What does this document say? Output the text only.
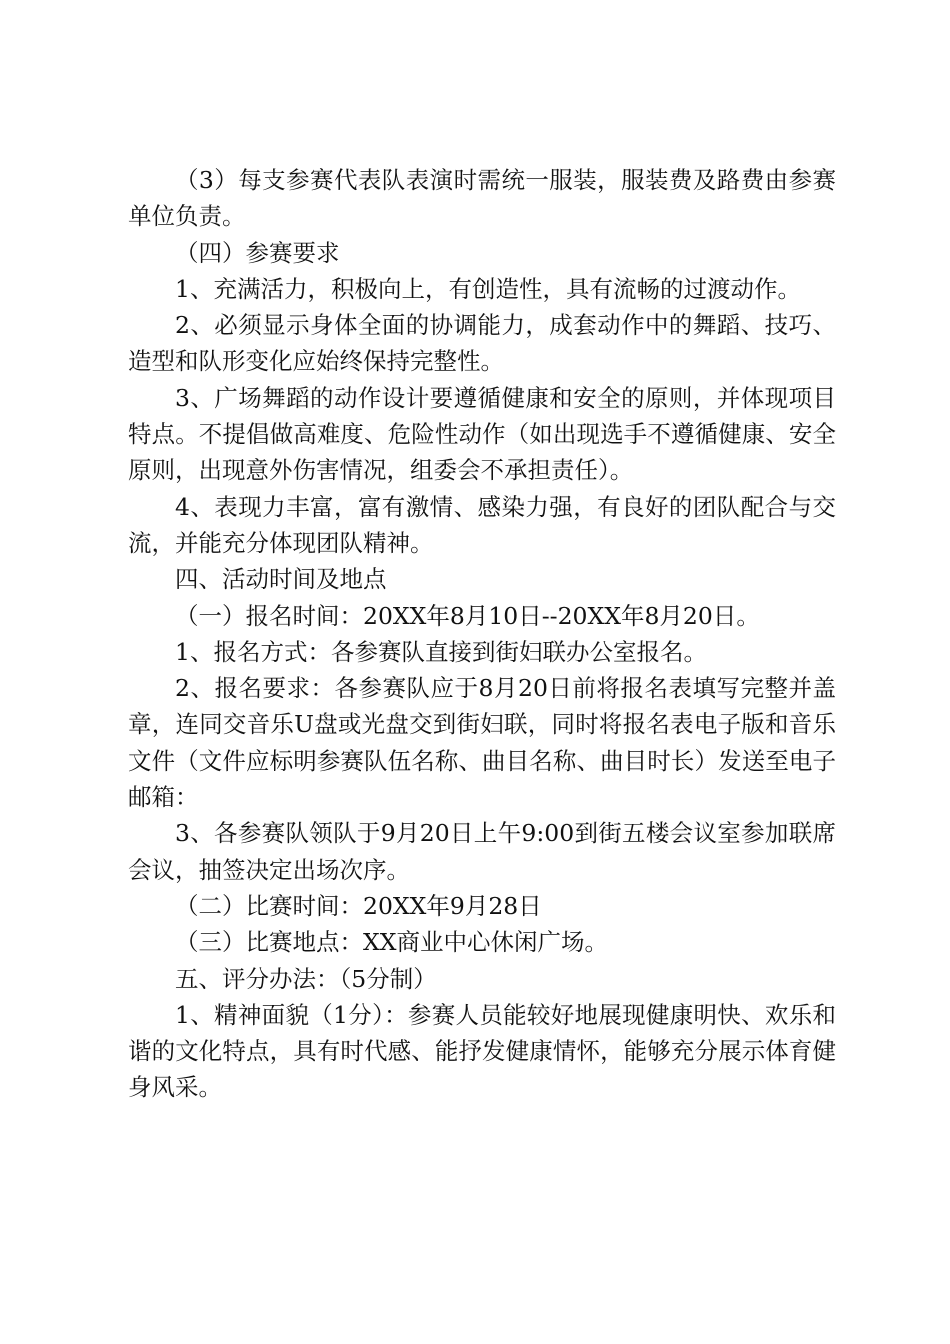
（3）每支参赛代表队表演时需统一服装，服装费及路费由参赛单位负责。

（四）参赛要求

1、充满活力，积极向上，有创造性，具有流畅的过渡动作。

2、必须显示身体全面的协调能力，成套动作中的舞蹈、技巧、造型和队形变化应始终保持完整性。

3、广场舞蹈的动作设计要遵循健康和安全的原则，并体现项目特点。不提倡做高难度、危险性动作（如出现选手不遵循健康、安全原则，出现意外伤害情况，组委会不承担责任）。

4、表现力丰富，富有激情、感染力强，有良好的团队配合与交流，并能充分体现团队精神。

四、活动时间及地点

（一）报名时间：20XX年8月10日--20XX年8月20日。

1、报名方式：各参赛队直接到街妇联办公室报名。

2、报名要求：各参赛队应于8月20日前将报名表填写完整并盖章，连同交音乐U盘或光盘交到街妇联，同时将报名表电子版和音乐文件（文件应标明参赛队伍名称、曲目名称、曲目时长）发送至电子邮箱：

3、各参赛队领队于9月20日上午9:00到街五楼会议室参加联席会议，抽签决定出场次序。

（二）比赛时间：20XX年9月28日

（三）比赛地点：XX商业中心休闲广场。

五、评分办法：（5分制）

1、精神面貌（1分）：参赛人员能较好地展现健康明快、欢乐和谐的文化特点，具有时代感、能抒发健康情怀，能够充分展示体育健身风采。
